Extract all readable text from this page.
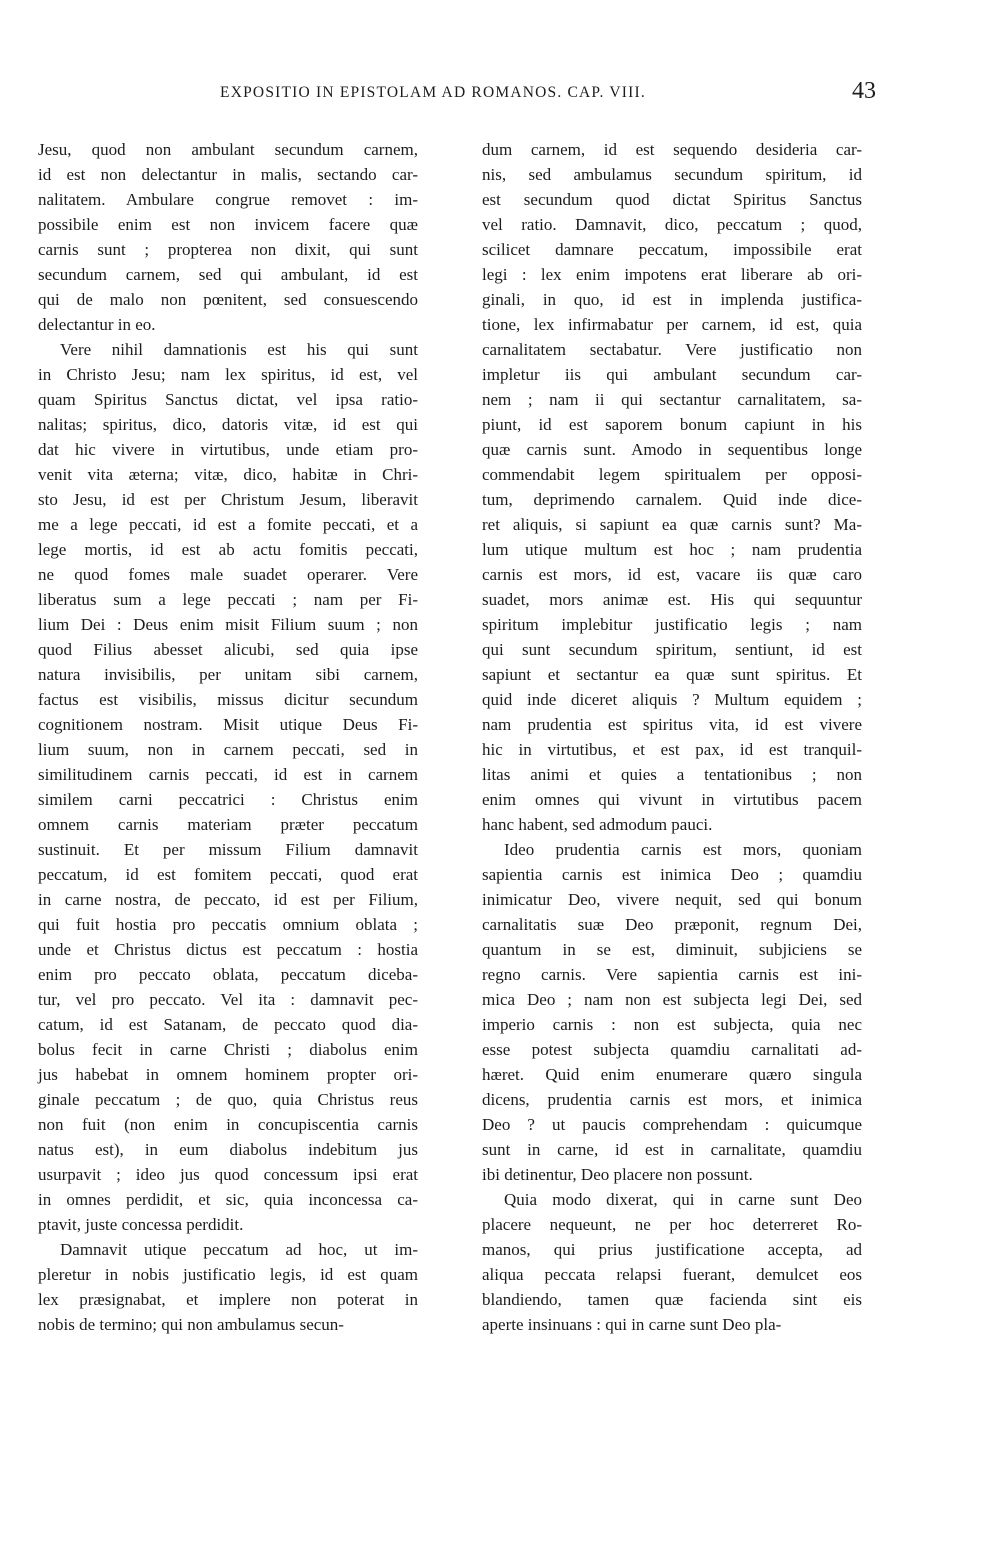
EXPOSITIO IN EPISTOLAM AD ROMANOS. CAP. VIII.	43
Jesu, quod non ambulant secundum carnem,
id est non delectantur in malis, sectando car-
nalitatem. Ambulare congrue removet : im-
possibile enim est non invicem facere quæ
carnis sunt ; propterea non dixit, qui sunt
secundum carnem, sed qui ambulant, id est
qui de malo non pœnitent, sed consuescendo
delectantur in eo.
Vere nihil damnationis est his qui sunt
in Christo Jesu; nam lex spiritus, id est, vel
quam Spiritus Sanctus dictat, vel ipsa ratio-
nalitas; spiritus, dico, datoris vitæ, id est qui
dat hic vivere in virtutibus, unde etiam pro-
venit vita æterna; vitæ, dico, habitæ in Chri-
sto Jesu, id est per Christum Jesum, liberavit
me a lege peccati, id est a fomite peccati, et a
lege mortis, id est ab actu fomitis peccati,
ne quod fomes male suadet operarer. Vere
liberatus sum a lege peccati ; nam per Fi-
lium Dei : Deus enim misit Filium suum ; non
quod Filius abesset alicubi, sed quia ipse
natura invisibilis, per unitam sibi carnem,
factus est visibilis, missus dicitur secundum
cognitionem nostram. Misit utique Deus Fi-
lium suum, non in carnem peccati, sed in
similitudinem carnis peccati, id est in carnem
similem carni peccatrici : Christus enim
omnem carnis materiam præter peccatum
sustinuit. Et per missum Filium damnavit
peccatum, id est fomitem peccati, quod erat
in carne nostra, de peccato, id est per Filium,
qui fuit hostia pro peccatis omnium oblata ;
unde et Christus dictus est peccatum : hostia
enim pro peccato oblata, peccatum diceba-
tur, vel pro peccato. Vel ita : damnavit pec-
catum, id est Satanam, de peccato quod dia-
bolus fecit in carne Christi ; diabolus enim
jus habebat in omnem hominem propter ori-
ginale peccatum ; de quo, quia Christus reus
non fuit (non enim in concupiscentia carnis
natus est), in eum diabolus indebitum jus
usurpavit ; ideo jus quod concessum ipsi erat
in omnes perdidit, et sic, quia inconcessa ca-
ptavit, juste concessa perdidit.
Damnavit utique peccatum ad hoc, ut im-
pleretur in nobis justificatio legis, id est quam
lex præsignabat, et implere non poterat in
nobis de termino; qui non ambulamus secun-
dum carnem, id est sequendo desideria car-
nis, sed ambulamus secundum spiritum, id
est secundum quod dictat Spiritus Sanctus
vel ratio. Damnavit, dico, peccatum ; quod,
scilicet damnare peccatum, impossibile erat
legi : lex enim impotens erat liberare ab ori-
ginali, in quo, id est in implenda justifica-
tione, lex infirmabatur per carnem, id est, quia
carnalitatem sectabatur. Vere justificatio non
impletur iis qui ambulant secundum car-
nem ; nam ii qui sectantur carnalitatem, sa-
piunt, id est saporem bonum capiunt in his
quæ carnis sunt. Amodo in sequentibus longe
commendabit legem spiritualem per opposi-
tum, deprimendo carnalem. Quid inde dice-
ret aliquis, si sapiunt ea quæ carnis sunt? Ma-
lum utique multum est hoc ; nam prudentia
carnis est mors, id est, vacare iis quæ caro
suadet, mors animæ est. His qui sequuntur
spiritum implebitur justificatio legis ; nam
qui sunt secundum spiritum, sentiunt, id est
sapiunt et sectantur ea quæ sunt spiritus. Et
quid inde diceret aliquis ? Multum equidem ;
nam prudentia est spiritus vita, id est vivere
hic in virtutibus, et est pax, id est tranquil-
litas animi et quies a tentationibus ; non
enim omnes qui vivunt in virtutibus pacem
hanc habent, sed admodum pauci.
Ideo prudentia carnis est mors, quoniam
sapientia carnis est inimica Deo ; quamdiu
inimicatur Deo, vivere nequit, sed qui bonum
carnalitatis suæ Deo præponit, regnum Dei,
quantum in se est, diminuit, subjiciens se
regno carnis. Vere sapientia carnis est ini-
mica Deo ; nam non est subjecta legi Dei, sed
imperio carnis : non est subjecta, quia nec
esse potest subjecta quamdiu carnalitati ad-
hæret. Quid enim enumerare quæro singula
dicens, prudentia carnis est mors, et inimica
Deo ? ut paucis comprehendam : quicumque
sunt in carne, id est in carnalitate, quamdiu
ibi detinentur, Deo placere non possunt.
Quia modo dixerat, qui in carne sunt Deo
placere nequeunt, ne per hoc deterreret Ro-
manos, qui prius justificatione accepta, ad
aliqua peccata relapsi fuerant, demulcet eos
blandiendo, tamen quæ facienda sint eis
aperte insinuans : qui in carne sunt Deo pla-
